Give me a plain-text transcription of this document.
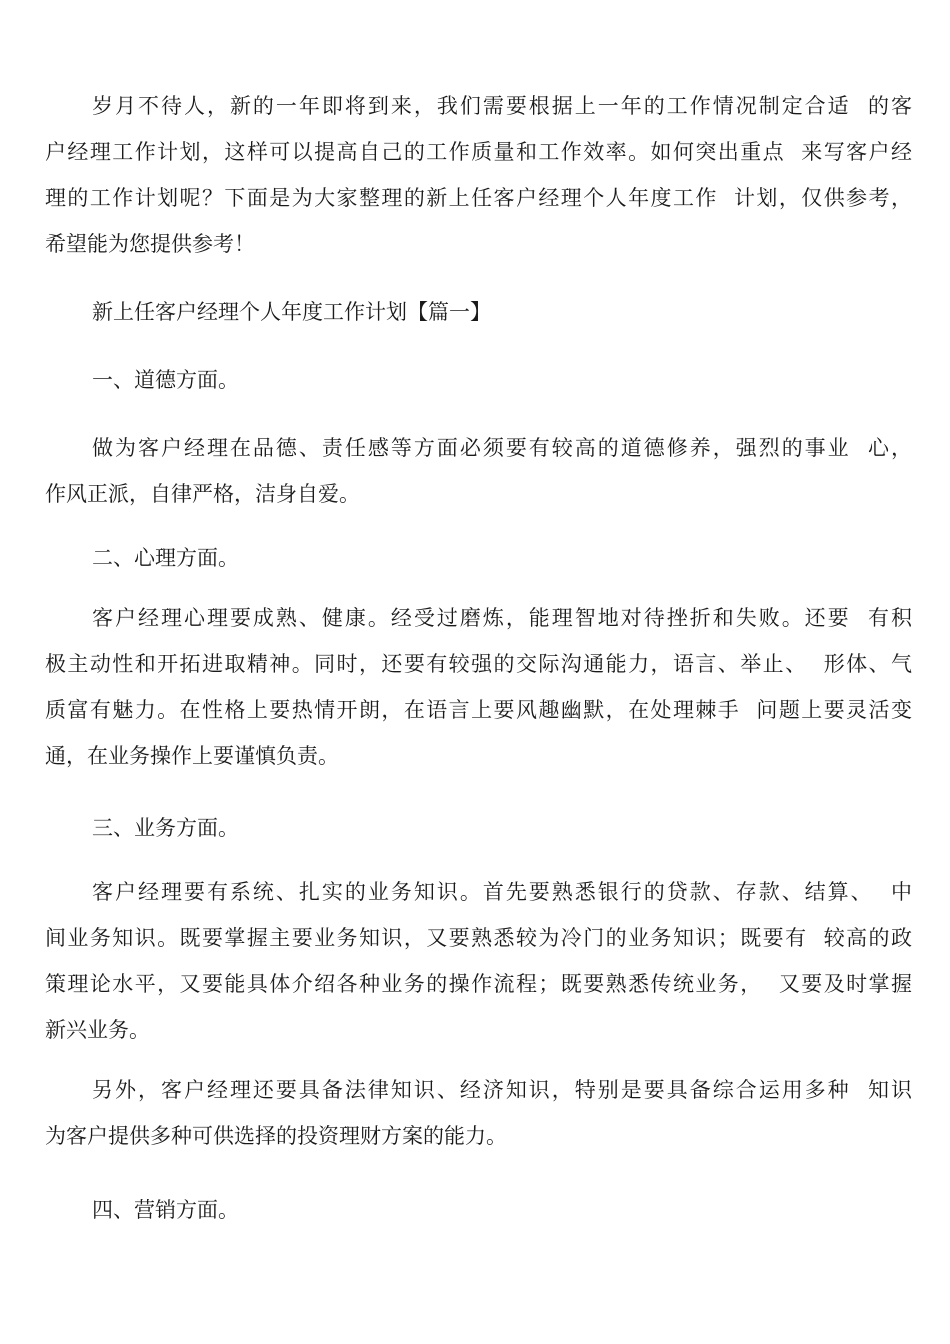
岁月不待人，新的一年即将到来，我们需要根据上一年的工作情况制定合适  的客
户经理工作计划，这样可以提高自己的工作质量和工作效率。如何突出重点  来写客户经
理的工作计划呢？下面是为大家整理的新上任客户经理个人年度工作  计划，仅供参考，
希望能为您提供参考！
新上任客户经理个人年度工作计划【篇一】
一、道德方面。
做为客户经理在品德、责任感等方面必须要有较高的道德修养，强烈的事业  心，
作风正派，自律严格，洁身自爱。
二、心理方面。
客户经理心理要成熟、健康。经受过磨炼，能理智地对待挫折和失败。还要  有积
极主动性和开拓进取精神。同时，还要有较强的交际沟通能力，语言、举止、  形体、气
质富有魅力。在性格上要热情开朗，在语言上要风趣幽默，在处理棘手  问题上要灵活变
通，在业务操作上要谨慎负责。
三、业务方面。
客户经理要有系统、扎实的业务知识。首先要熟悉银行的贷款、存款、结算、  中
间业务知识。既要掌握主要业务知识，又要熟悉较为冷门的业务知识；既要有  较高的政
策理论水平，又要能具体介绍各种业务的操作流程；既要熟悉传统业务，  又要及时掌握
新兴业务。
另外，客户经理还要具备法律知识、经济知识，特别是要具备综合运用多种  知识
为客户提供多种可供选择的投资理财方案的能力。
四、营销方面。
